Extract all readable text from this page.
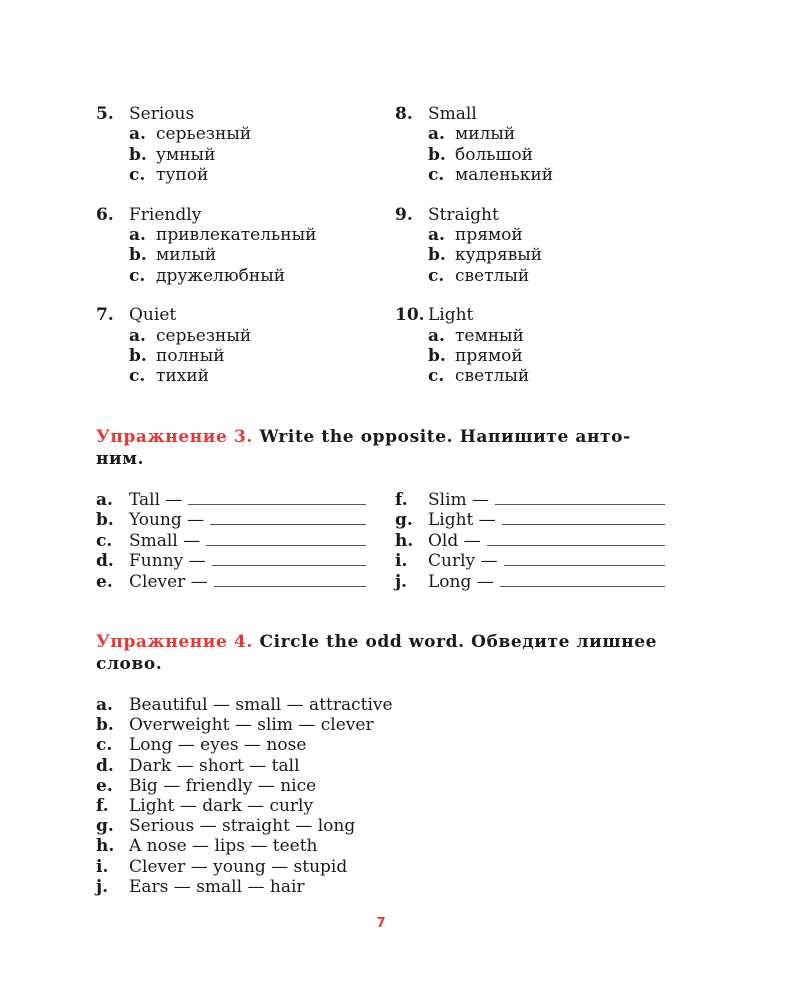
5. Serious
a. серьезный
b. умный
c. тупой
8. Small
a. милый
b. большой
c. маленький
6. Friendly
a. привлекательный
b. милый
c. дружелюбный
9. Straight
a. прямой
b. кудрявый
c. светлый
7. Quiet
a. серьезный
b. полный
c. тихий
10. Light
a. темный
b. прямой
c. светлый
Упражнение 3. Write the opposite. Напишите анто-
ним.
a. Tall —
b. Young —
c. Small —
d. Funny —
e. Clever —
f.	Slim —
g. Light —
h. Old —
i.	Curly —
j.	Long —
Упражнение 4. Circle the odd word. Обведите лишнее
слово.
a. Beautiful — small — attractive
b. Overweight — slim — clever
c. Long — eyes — nose
d. Dark — short — tall
e. Big — friendly — nice
f.	Light — dark — curly
g. Serious — straight — long
h. A nose — lips — teeth
i.	Clever — young — stupid
j.	Ears — small — hair
7
